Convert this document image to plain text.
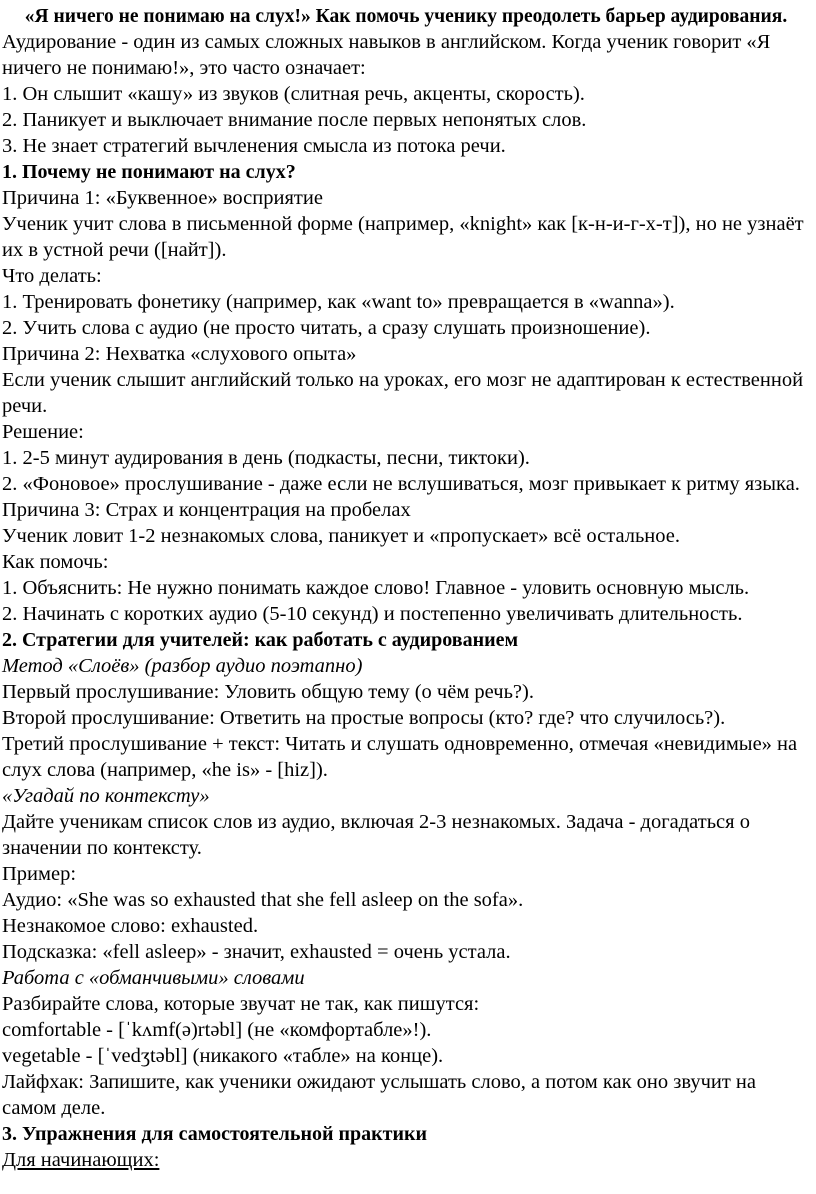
«Я ничего не понимаю на слух!» Как помочь ученику преодолеть барьер аудирования.

Аудирование - один из самых сложных навыков в английском. Когда ученик говорит «Я ничего не понимаю!», это часто означает:

1. Он слышит «кашу» из звуков (слитная речь, акценты, скорость).

2. Паникует и выключает внимание после первых непонятых слов.

3. Не знает стратегий вычленения смысла из потока речи.

1. Почему не понимают на слух?

Причина 1: «Буквенное» восприятие

Ученик учит слова в письменной форме (например, «knight» как [к-н-и-г-х-т]), но не узнаёт их в устной речи ([найт]).

Что делать:

1. Тренировать фонетику (например, как «want to» превращается в «wanna»).

2. Учить слова с аудио (не просто читать, а сразу слушать произношение).

Причина 2: Нехватка «слухового опыта»

Если ученик слышит английский только на уроках, его мозг не адаптирован к естественной речи.

Решение:

1. 2-5 минут аудирования в день (подкасты, песни, тиктоки).

2. «Фоновое» прослушивание - даже если не вслушиваться, мозг привыкает к ритму языка.

Причина 3: Страх и концентрация на пробелах

Ученик ловит 1-2 незнакомых слова, паникует и «пропускает» всё остальное.

Как помочь:

1. Объяснить: Не нужно понимать каждое слово! Главное - уловить основную мысль.

2. Начинать с коротких аудио (5-10 секунд) и постепенно увеличивать длительность.

2. Стратегии для учителей: как работать с аудированием

Метод «Слоёв» (разбор аудио поэтапно)

Первый прослушивание: Уловить общую тему (о чём речь?).

Второй прослушивание: Ответить на простые вопросы (кто? где? что случилось?).

Третий прослушивание + текст: Читать и слушать одновременно, отмечая «невидимые» на слух слова (например, «he is» - [hiz]).

«Угадай по контексту»

Дайте ученикам список слов из аудио, включая 2-3 незнакомых. Задача - догадаться о значении по контексту.

Пример:

Аудио: «She was so exhausted that she fell asleep on the sofa».

Незнакомое слово: exhausted.

Подсказка: «fell asleep» - значит, exhausted = очень устала.

Работа с «обманчивыми» словами

Разбирайте слова, которые звучат не так, как пишутся:

comfortable - [ˈkʌmf(ə)rtəbl] (не «комфортабле»!).

vegetable - [ˈvedʒtəbl] (никакого «табле» на конце).

Лайфхак: Запишите, как ученики ожидают услышать слово, а потом как оно звучит на самом деле.

3. Упражнения для самостоятельной практики

Для начинающих:
